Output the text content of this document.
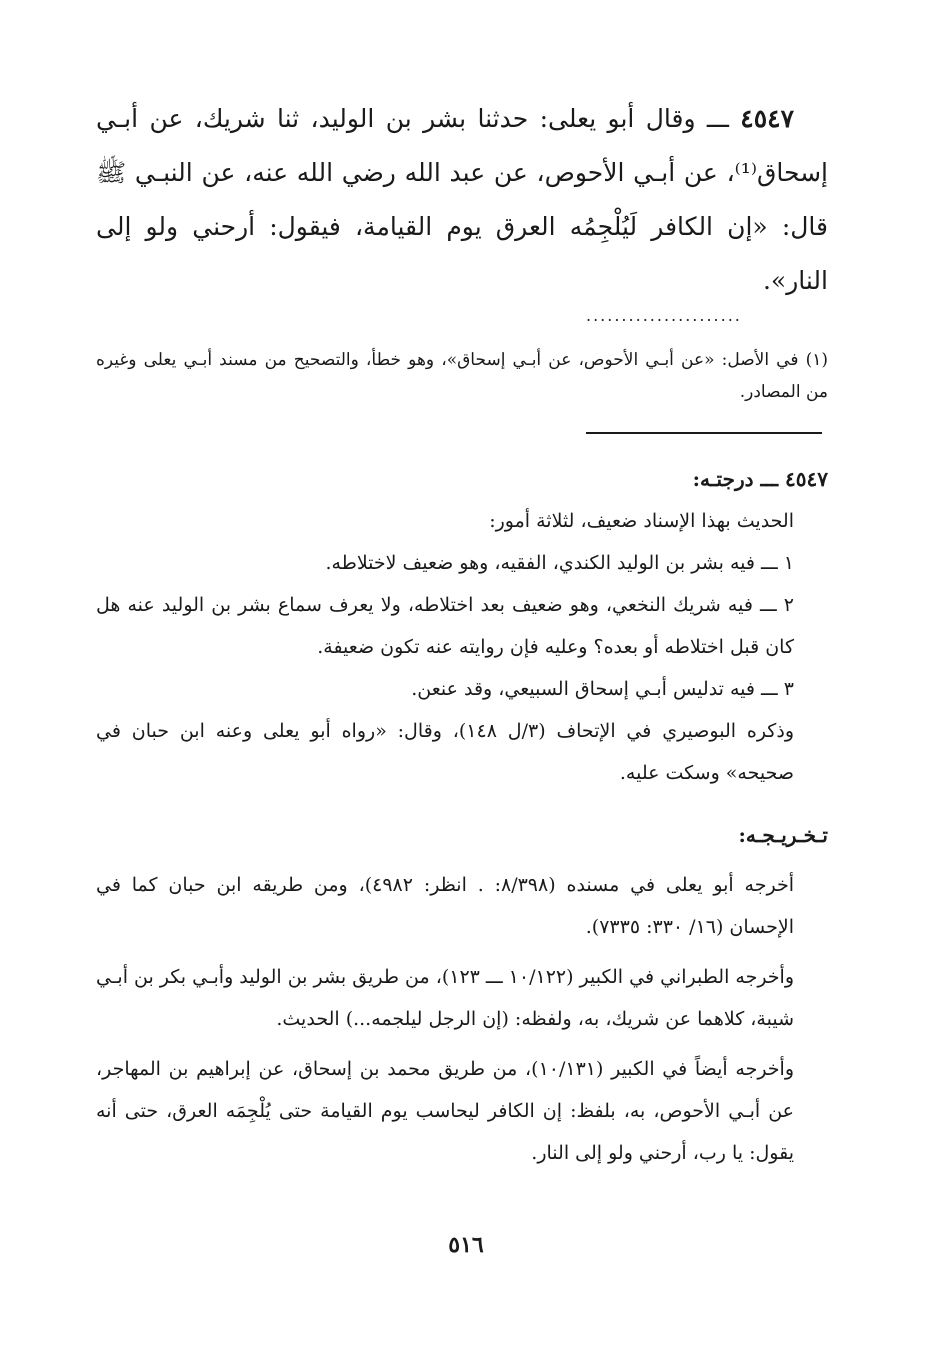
٤٥٤٧ ـــ وقال أبو يعلى: حدثنا بشر بن الوليد، ثنا شريك، عن أبـي إسحاق⁽¹⁾، عن أبـي الأحوص، عن عبد الله رضي الله عنه، عن النبـي ﷺ قال: «إن الكافر لَيُلْجِمُه العرق يوم القيامة، فيقول: أرحني ولو إلى النار».
......................
(١) في الأصل: «عن أبـي الأحوص، عن أبـي إسحاق»، وهو خطأ، والتصحيح من مسند أبـي يعلى وغيره من المصادر.

٤٥٤٧ ـــ درجتـه:

الحديث بهذا الإسناد ضعيف، لثلاثة أمور:

١ ـــ فيه بشر بن الوليد الكندي، الفقيه، وهو ضعيف لاختلاطه.

٢ ـــ فيه شريك النخعي، وهو ضعيف بعد اختلاطه، ولا يعرف سماع بشر بن الوليد عنه هل كان قبل اختلاطه أو بعده؟ وعليه فإن روايته عنه تكون ضعيفة.

٣ ـــ فيه تدليس أبـي إسحاق السبيعي، وقد عنعن.

وذكره البوصيري في الإتحاف (٣/ل ١٤٨)، وقال: «رواه أبو يعلى وعنه ابن حبان في صحيحه» وسكت عليه.

تـخـريـجـه:

أخرجه أبو يعلى في مسنده (٨/٣٩٨: . انظر: ٤٩٨٢)، ومن طريقه ابن حبان كما في الإحسان (١٦/ ٣٣٠: ٧٣٣٥).

وأخرجه الطبراني في الكبير (١٠/١٢٢ ـــ ١٢٣)، من طريق بشر بن الوليد وأبـي بكر بن أبـي شيبة، كلاهما عن شريك، به، ولفظه: (إن الرجل ليلجمه...) الحديث.

وأخرجه أيضاً في الكبير (١٠/١٣١)، من طريق محمد بن إسحاق، عن إبراهيم بن المهاجر، عن أبـي الأحوص، به، بلفظ: إن الكافر ليحاسب يوم القيامة حتى يُلْجِمَه العرق، حتى أنه يقول: يا رب، أرحني ولو إلى النار.

٥١٦
